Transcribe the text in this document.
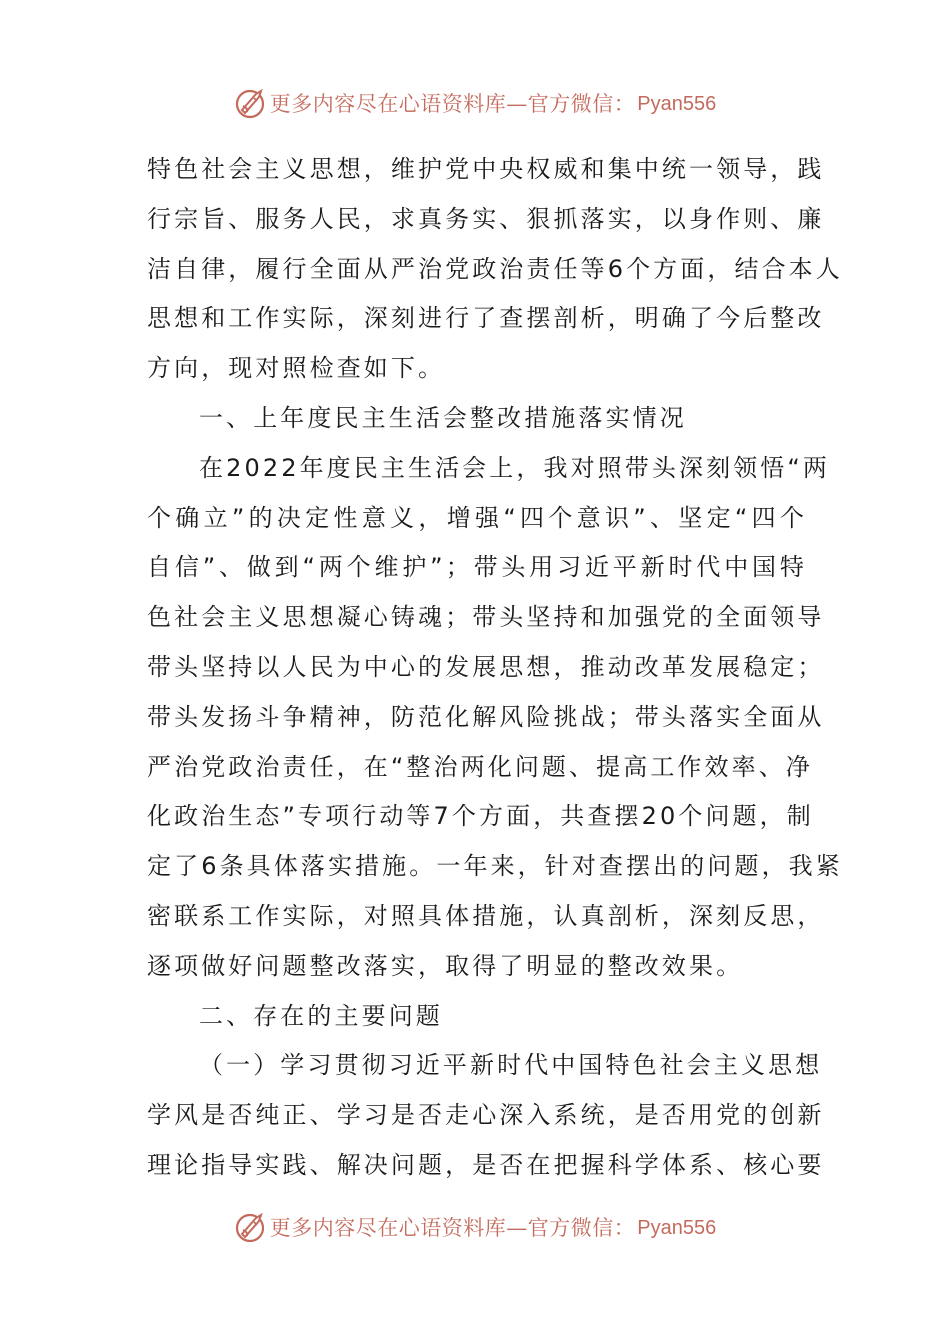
更多内容尽在心语资料库—官方微信： Pyan556
特色社会主义思想，维护党中央权威和集中统一领导，践
行宗旨、服务人民，求真务实、狠抓落实，以身作则、廉
洁自律，履行全面从严治党政治责任等6个方面，结合本人
思想和工作实际，深刻进行了查摆剖析，明确了今后整改
方向，现对照检查如下。
一、上年度民主生活会整改措施落实情况
在2022年度民主生活会上，我对照带头深刻领悟“两
个确立”的决定性意义，增强“四个意识”、坚定“四个
自信”、做到“两个维护”；带头用习近平新时代中国特
色社会主义思想凝心铸魂；带头坚持和加强党的全面领导
带头坚持以人民为中心的发展思想，推动改革发展稳定；
带头发扬斗争精神，防范化解风险挑战；带头落实全面从
严治党政治责任，在“整治两化问题、提高工作效率、净
化政治生态”专项行动等7个方面，共查摆20个问题，制
定了6条具体落实措施。一年来，针对查摆出的问题，我紧
密联系工作实际，对照具体措施，认真剖析，深刻反思，
逐项做好问题整改落实，取得了明显的整改效果。
二、存在的主要问题
（一）学习贯彻习近平新时代中国特色社会主义思想
学风是否纯正、学习是否走心深入系统，是否用党的创新
理论指导实践、解决问题，是否在把握科学体系、核心要
更多内容尽在心语资料库—官方微信： Pyan556
